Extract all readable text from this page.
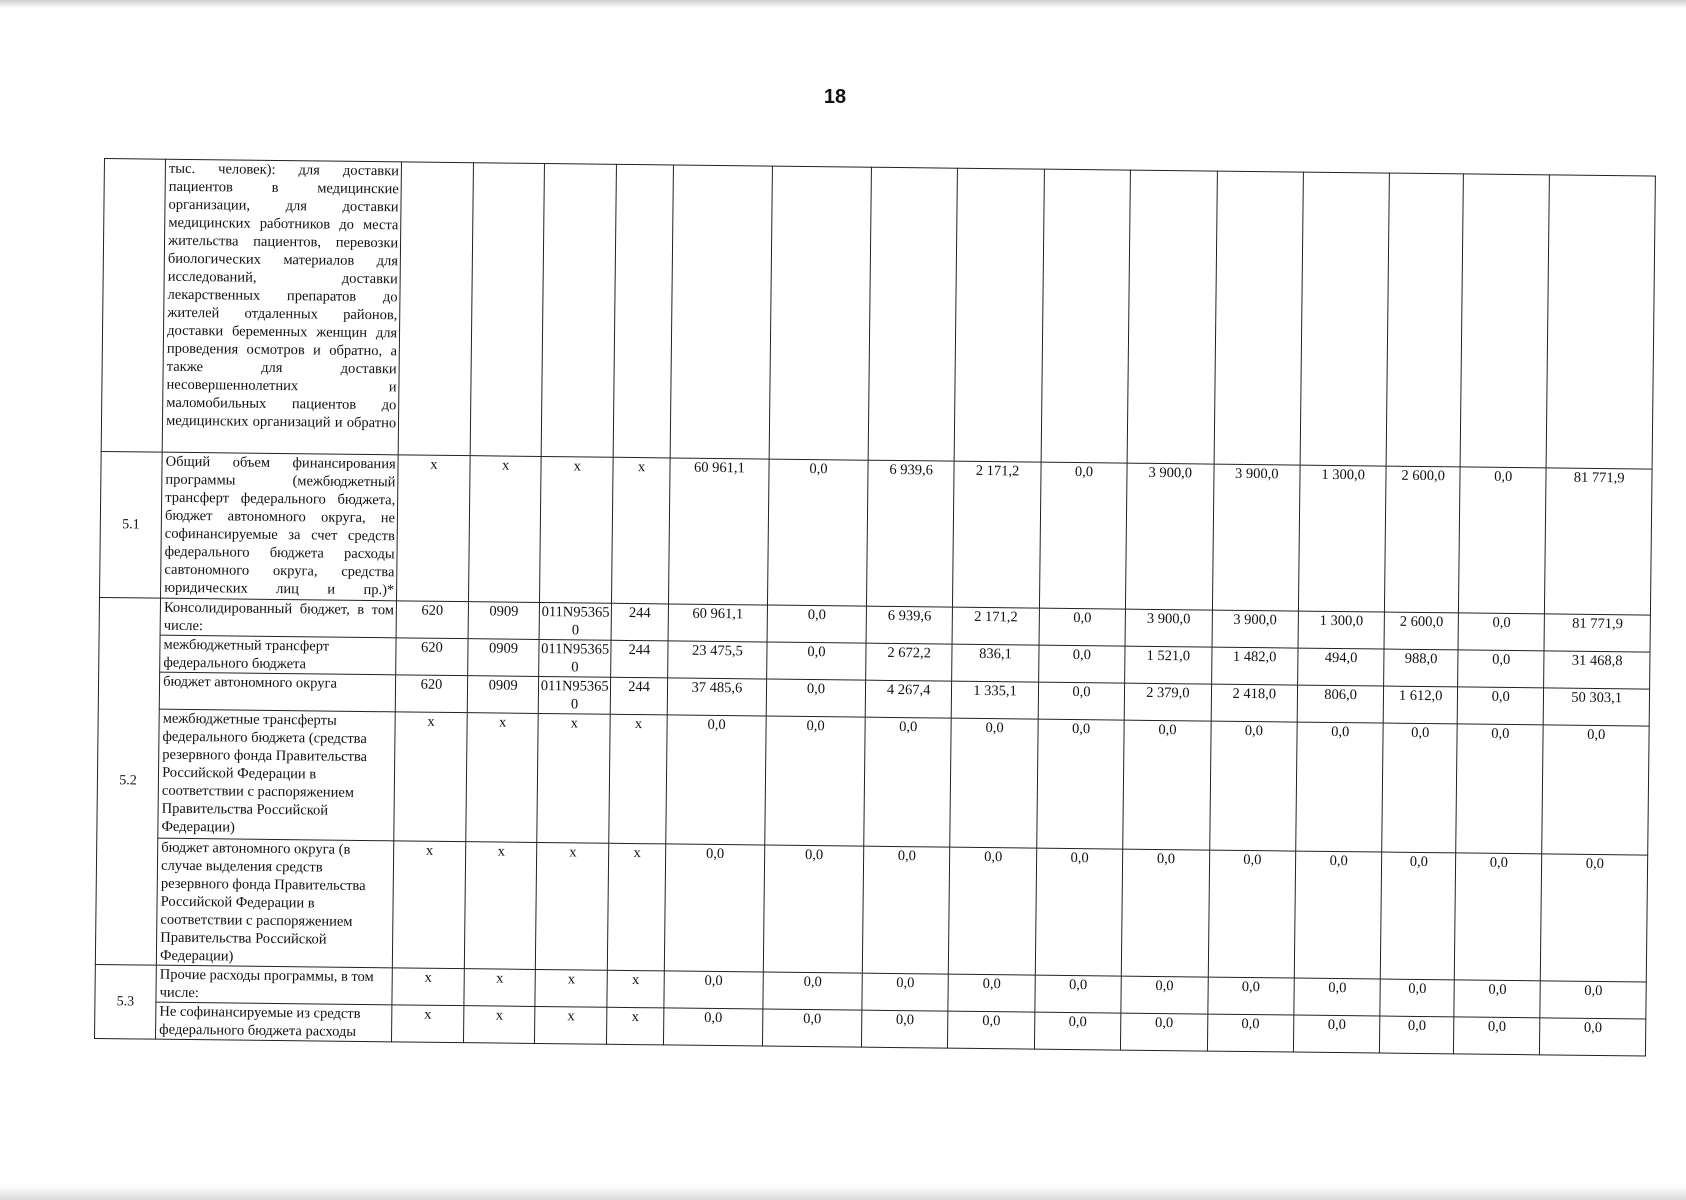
18
	тыс. человек): для доставки пациентов в медицинские организации, для доставки медицинских работников до места жительства пациентов, перевозки биологических материалов для исследований, доставки лекарственных препаратов до жителей отдаленных районов, доставки беременных женщин для проведения осмотров и обратно, а также для доставки несовершеннолетних и маломобильных пациентов до медицинских организаций и обратно															
5.1	Общий объем финансирования программы (межбюджетный трансферт федерального бюджета, бюджет автономного округа, не софинансируемые за счет средств федерального бюджета расходы савтономного округа, средства юридических лиц и пр.)*	x	x	x	x	60 961,1	0,0	6 939,6	2 171,2	0,0	3 900,0	3 900,0	1 300,0	2 600,0	0,0	81 771,9
5.2	Консолидированный бюджет, в том числе:	620	0909	011N953650	244	60 961,1	0,0	6 939,6	2 171,2	0,0	3 900,0	3 900,0	1 300,0	2 600,0	0,0	81 771,9
	межбюджетный трансферт федерального бюджета	620	0909	011N953650	244	23 475,5	0,0	2 672,2	836,1	0,0	1 521,0	1 482,0	494,0	988,0	0,0	31 468,8
	бюджет автономного округа	620	0909	011N953650	244	37 485,6	0,0	4 267,4	1 335,1	0,0	2 379,0	2 418,0	806,0	1 612,0	0,0	50 303,1
	межбюджетные трансферты федерального бюджета (средства резервного фонда Правительства Российской Федерации в соответствии с распоряжением Правительства Российской Федерации)	x	x	x	x	0,0	0,0	0,0	0,0	0,0	0,0	0,0	0,0	0,0	0,0	0,0
	бюджет автономного округа (в случае выделения средств резервного фонда Правительства Российской Федерации в соответствии с распоряжением Правительства Российской Федерации)	x	x	x	x	0,0	0,0	0,0	0,0	0,0	0,0	0,0	0,0	0,0	0,0	0,0
5.3	Прочие расходы программы, в том числе:	x	x	x	x	0,0	0,0	0,0	0,0	0,0	0,0	0,0	0,0	0,0	0,0	0,0
	Не софинансируемые из средств федерального бюджета расходы	x	x	x	x	0,0	0,0	0,0	0,0	0,0	0,0	0,0	0,0	0,0	0,0	0,0
